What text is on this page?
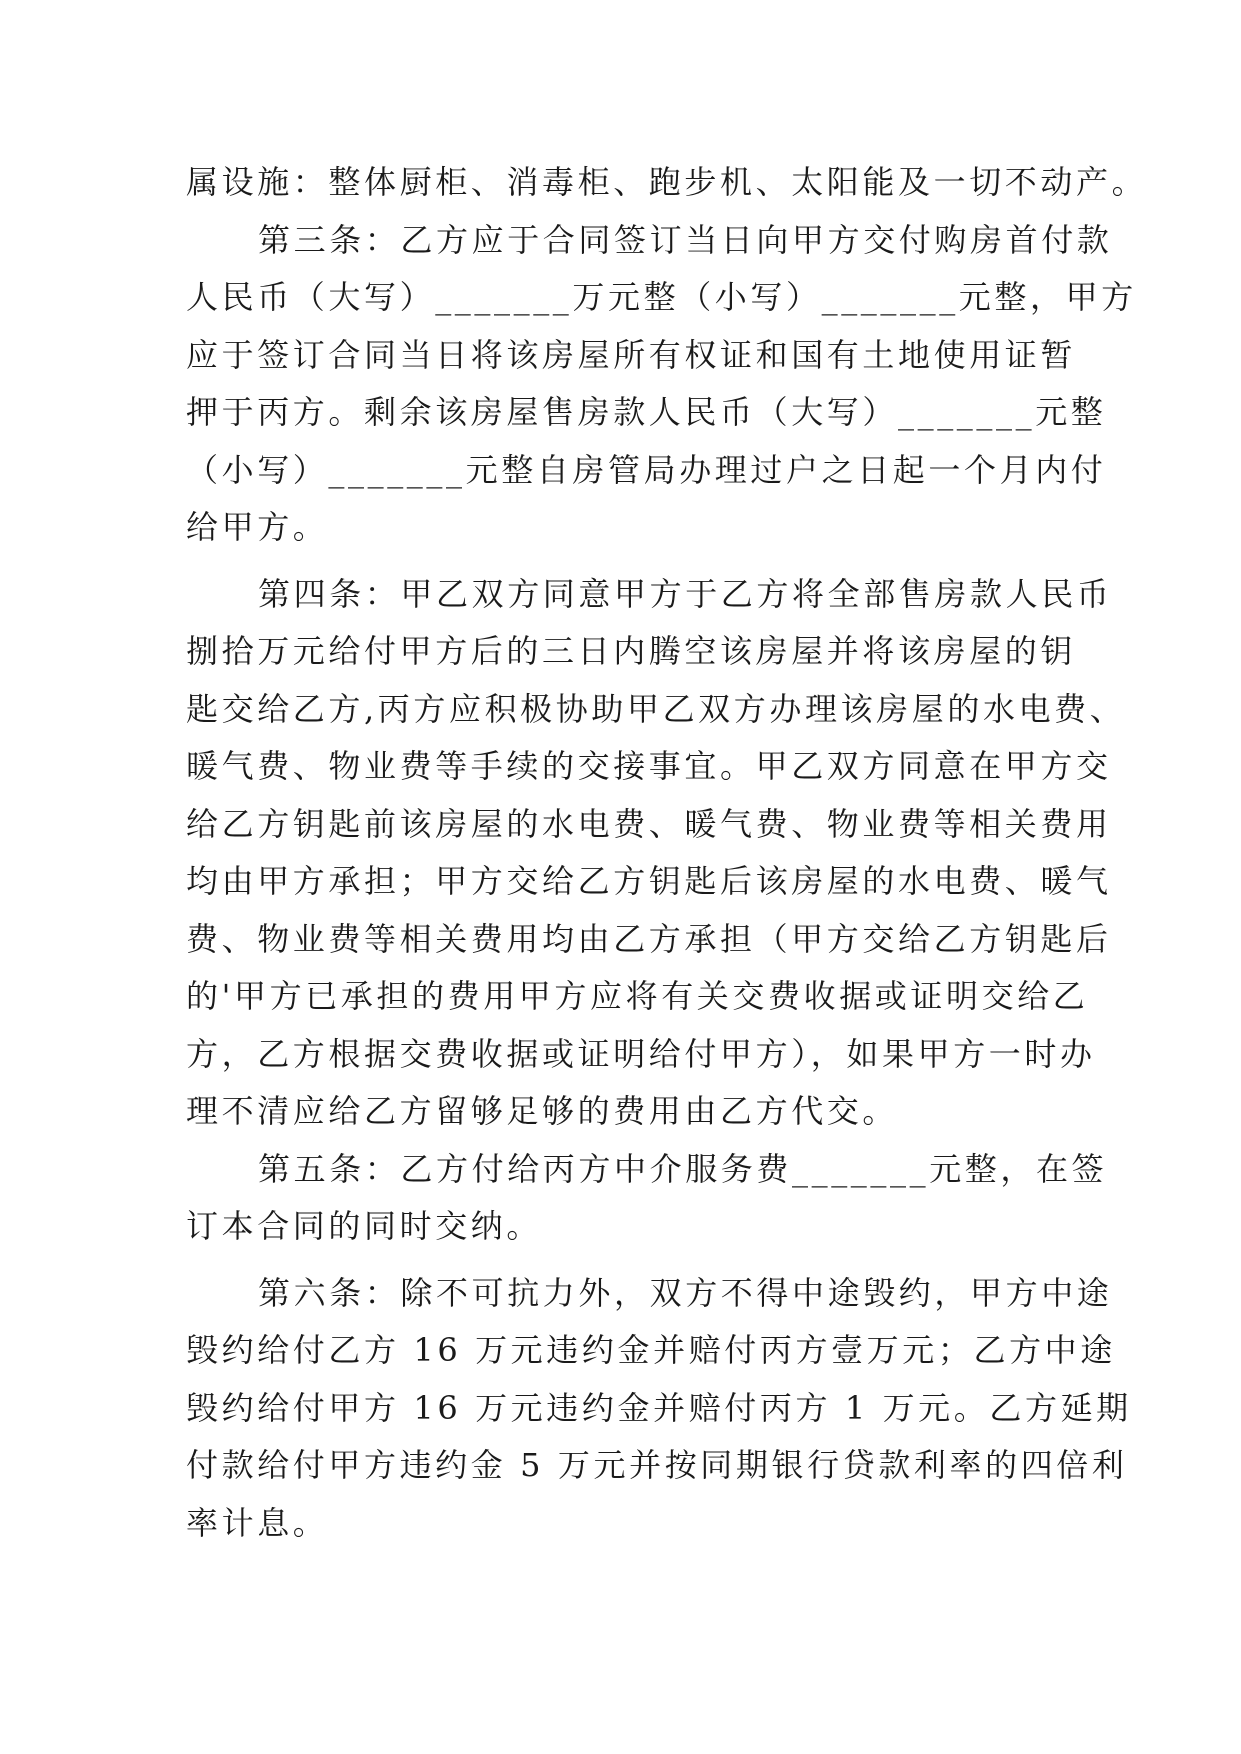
属设施：整体厨柜、消毒柜、跑步机、太阳能及一切不动产。
第三条：乙方应于合同签订当日向甲方交付购房首付款
人民币（大写）_______万元整（小写）_______元整，甲方
应于签订合同当日将该房屋所有权证和国有土地使用证暂
押于丙方。剩余该房屋售房款人民币（大写）_______元整
（小写）_______元整自房管局办理过户之日起一个月内付
给甲方。
第四条：甲乙双方同意甲方于乙方将全部售房款人民币
捌拾万元给付甲方后的三日内腾空该房屋并将该房屋的钥
匙交给乙方,丙方应积极协助甲乙双方办理该房屋的水电费、
暖气费、物业费等手续的交接事宜。甲乙双方同意在甲方交
给乙方钥匙前该房屋的水电费、暖气费、物业费等相关费用
均由甲方承担；甲方交给乙方钥匙后该房屋的水电费、暖气
费、物业费等相关费用均由乙方承担（甲方交给乙方钥匙后
的'甲方已承担的费用甲方应将有关交费收据或证明交给乙
方，乙方根据交费收据或证明给付甲方），如果甲方一时办
理不清应给乙方留够足够的费用由乙方代交。
第五条：乙方付给丙方中介服务费_______元整，在签
订本合同的同时交纳。
第六条：除不可抗力外，双方不得中途毁约，甲方中途
毁约给付乙方 16 万元违约金并赔付丙方壹万元；乙方中途
毁约给付甲方 16 万元违约金并赔付丙方 1 万元。乙方延期
付款给付甲方违约金 5 万元并按同期银行贷款利率的四倍利
率计息。
